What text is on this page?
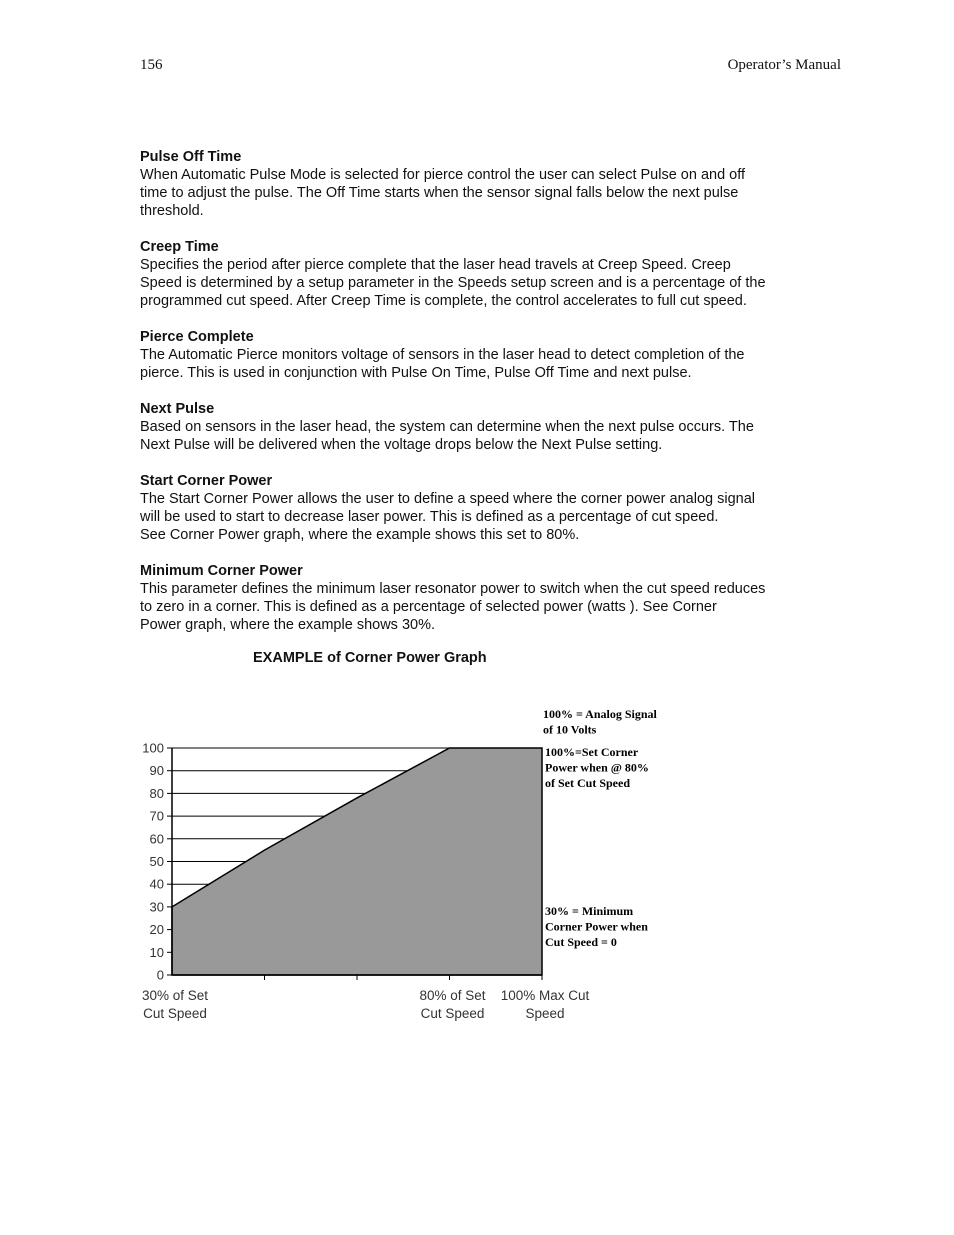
156	Operator’s Manual
Pulse Off Time

When Automatic Pulse Mode is selected for pierce control the user can select Pulse on and off
time to adjust the pulse. The Off Time starts when the sensor signal falls below the next pulse
threshold.

Creep Time

Specifies the period after pierce complete that the laser head travels at Creep Speed. Creep
Speed is determined by a setup parameter in the Speeds setup screen and is a percentage of the
programmed cut speed. After Creep Time is complete, the control accelerates to full cut speed.

Pierce Complete

The Automatic Pierce monitors voltage of sensors in the laser head to detect completion of the
pierce. This is used in conjunction with Pulse On Time, Pulse Off Time and next pulse.

Next Pulse

Based on sensors in the laser head, the system can determine when the next pulse occurs. The
Next Pulse will be delivered when the voltage drops below the Next Pulse setting.

Start Corner Power

The Start Corner Power allows the user to define a speed where the corner power analog signal
will be used to start to decrease laser power. This is defined as a percentage of cut speed.
See Corner Power graph, where the example shows this set to 80%.

Minimum Corner Power

This parameter defines the minimum laser resonator power to switch when the cut speed reduces
to zero in a corner. This is defined as a percentage of selected power (watts ). See Corner
Power graph, where the example shows 30%.

EXAMPLE of Corner Power Graph
0
10
20
30
40
50
60
70
80
90
100
30% of Set
Cut Speed
80% of Set
Cut Speed
100% Max Cut
Speed
100% = Analog Signal
of 10 Volts
100%=Set Corner
Power when @ 80%
of Set Cut Speed
30% = Minimum
Corner Power when
Cut Speed = 0
